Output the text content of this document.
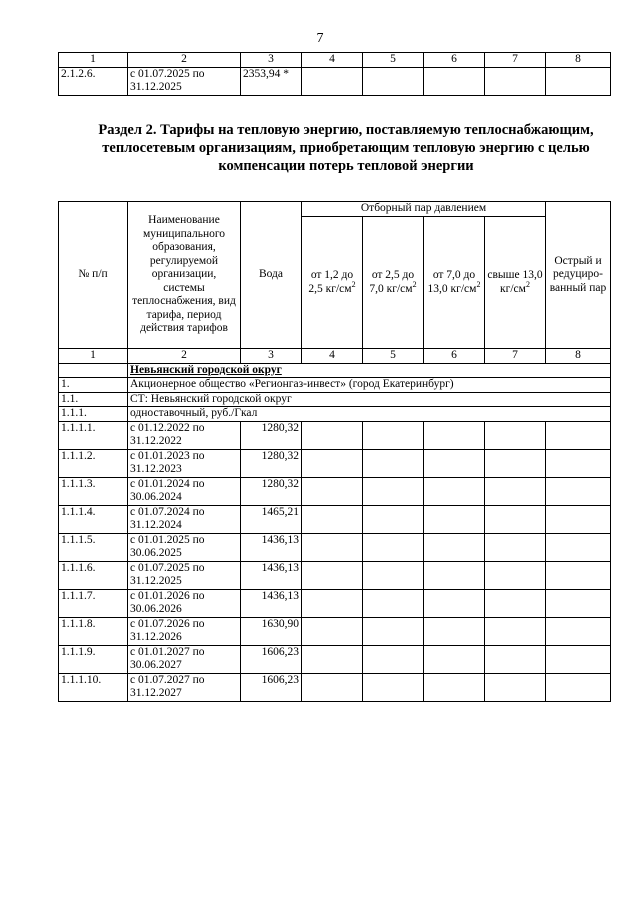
7
1	2	3	4	5	6	7	8
2.1.2.6.	с 01.07.2025 по 31.12.2025	2353,94 *					
Раздел 2. Тарифы на тепловую энергию, поставляемую теплоснабжающим, теплосетевым организациям, приобретающим тепловую энергию с целью компенсации потерь тепловой энергии
№ п/п	Наименование муниципального образования, регулируемой организации, системы теплоснабжения, вид тарифа, период действия тарифов	Вода	Отборный пар давлением				Острый и редуциро-ванный пар
			от 1,2 до 2,5 $кг/см^2$	от 2,5 до 7,0 $кг/см^2$	от 7,0 до 13,0 $кг/см^2$	свыше 13,0 $кг/см^2$
1	2	3	4	5	6	7	8
	Невьянский городской округ						
1.	Акционерное общество «Регионгаз-инвест» (город Екатеринбург)						
1.1.	СТ: Невьянский городской округ						
1.1.1.	одноставочный, руб./Гкал						
1.1.1.1.	с 01.12.2022 по 31.12.2022	1280,32					
1.1.1.2.	с 01.01.2023 по 31.12.2023	1280,32					
1.1.1.3.	с 01.01.2024 по 30.06.2024	1280,32					
1.1.1.4.	с 01.07.2024 по 31.12.2024	1465,21					
1.1.1.5.	с 01.01.2025 по 30.06.2025	1436,13					
1.1.1.6.	с 01.07.2025 по 31.12.2025	1436,13					
1.1.1.7.	с 01.01.2026 по 30.06.2026	1436,13					
1.1.1.8.	с 01.07.2026 по 31.12.2026	1630,90					
1.1.1.9.	с 01.01.2027 по 30.06.2027	1606,23					
1.1.1.10.	с 01.07.2027 по 31.12.2027	1606,23					
